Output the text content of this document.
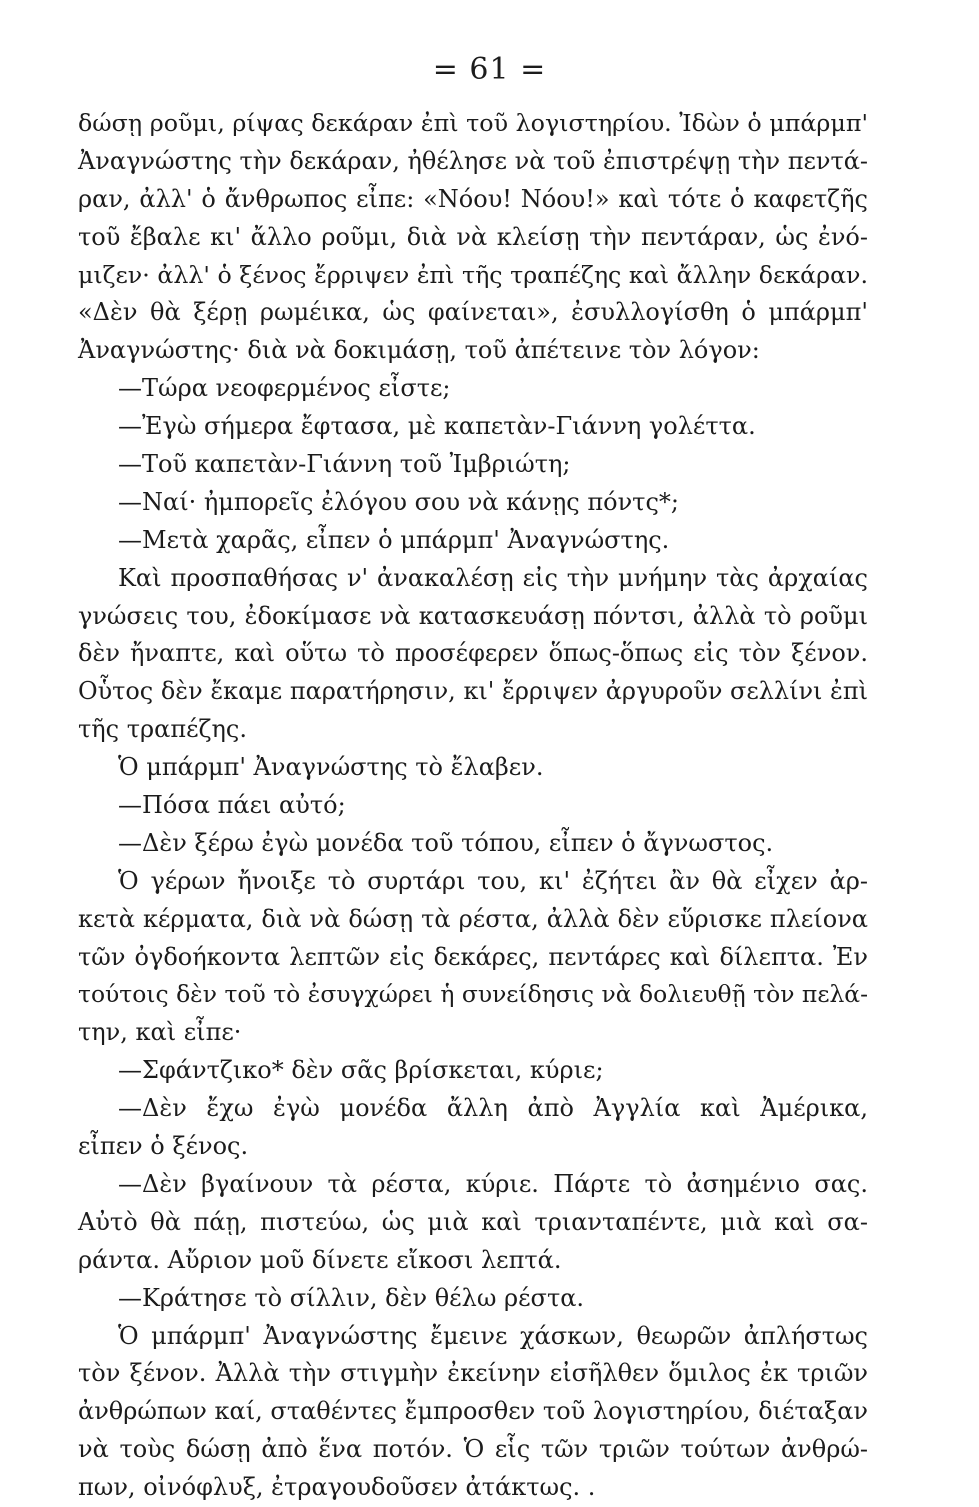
= 61 =
δώσῃ ροῦμι, ρίψας δεκάραν ἐπὶ τοῦ λογιστηρίου. Ἰδὼν ὁ μπάρμπ'
Ἀναγνώστης τὴν δεκάραν, ἠθέλησε νὰ τοῦ ἐπιστρέψῃ τὴν πεντά-
ραν, ἀλλ' ὁ ἄνθρωπος εἶπε: «Νόου! Νόου!» καὶ τότε ὁ καφετζῆς
τοῦ ἔβαλε κι' ἄλλο ροῦμι, διὰ νὰ κλείσῃ τὴν πεντάραν, ὡς ἐνό-
μιζεν· ἀλλ' ὁ ξένος ἔρριψεν ἐπὶ τῆς τραπέζης καὶ ἄλλην δεκάραν.
«Δὲν θὰ ξέρῃ ρωμέικα, ὡς φαίνεται», ἐσυλλογίσθη ὁ μπάρμπ'
Ἀναγνώστης· διὰ νὰ δοκιμάσῃ, τοῦ ἀπέτεινε τὸν λόγον:
—Τώρα νεοφερμένος εἶστε;
—Ἐγὼ σήμερα ἔφτασα, μὲ καπετὰν-Γιάννη γολέττα.
—Τοῦ καπετὰν-Γιάννη τοῦ Ἰμβριώτη;
—Ναί· ἠμπορεῖς ἐλόγου σου νὰ κάνῃς πόντς*;
—Μετὰ χαρᾶς, εἶπεν ὁ μπάρμπ' Ἀναγνώστης.
Καὶ προσπαθήσας ν' ἀνακαλέσῃ εἰς τὴν μνήμην τὰς ἀρχαίας
γνώσεις του, ἐδοκίμασε νὰ κατασκευάσῃ πόντσι, ἀλλὰ τὸ ροῦμι
δὲν ἤναπτε, καὶ οὕτω τὸ προσέφερεν ὅπως-ὅπως εἰς τὸν ξένον.
Οὗτος δὲν ἔκαμε παρατήρησιν, κι' ἔρριψεν ἀργυροῦν σελλίνι ἐπὶ
τῆς τραπέζης.
Ὁ μπάρμπ' Ἀναγνώστης τὸ ἔλαβεν.
—Πόσα πάει αὐτό;
—Δὲν ξέρω ἐγὼ μονέδα τοῦ τόπου, εἶπεν ὁ ἄγνωστος.
Ὁ γέρων ἤνοιξε τὸ συρτάρι του, κι' ἐζήτει ἂν θὰ εἶχεν ἀρ-
κετὰ κέρματα, διὰ νὰ δώσῃ τὰ ρέστα, ἀλλὰ δὲν εὕρισκε πλείονα
τῶν ὀγδοήκοντα λεπτῶν εἰς δεκάρες, πεντάρες καὶ δίλεπτα. Ἐν
τούτοις δὲν τοῦ τὸ ἐσυγχώρει ἡ συνείδησις νὰ δολιευθῇ τὸν πελά-
την, καὶ εἶπε·
—Σφάντζικο* δὲν σᾶς βρίσκεται, κύριε;
—Δὲν ἔχω ἐγὼ μονέδα ἄλλη ἀπὸ Ἀγγλία καὶ Ἀμέρικα,
εἶπεν ὁ ξένος.
—Δὲν βγαίνουν τὰ ρέστα, κύριε. Πάρτε τὸ ἀσημένιο σας.
Αὐτὸ θὰ πάῃ, πιστεύω, ὡς μιὰ καὶ τριανταπέντε, μιὰ καὶ σα-
ράντα. Αὔριον μοῦ δίνετε εἴκοσι λεπτά.
—Κράτησε τὸ σίλλιν, δὲν θέλω ρέστα.
Ὁ μπάρμπ' Ἀναγνώστης ἔμεινε χάσκων, θεωρῶν ἀπλήστως
τὸν ξένον. Ἀλλὰ τὴν στιγμὴν ἐκείνην εἰσῆλθεν ὅμιλος ἐκ τριῶν
ἀνθρώπων καί, σταθέντες ἔμπροσθεν τοῦ λογιστηρίου, διέταξαν
νὰ τοὺς δώσῃ ἀπὸ ἕνα ποτόν. Ὁ εἷς τῶν τριῶν τούτων ἀνθρώ-
πων, οἰνόφλυξ, ἐτραγουδοῦσεν ἀτάκτως. .
